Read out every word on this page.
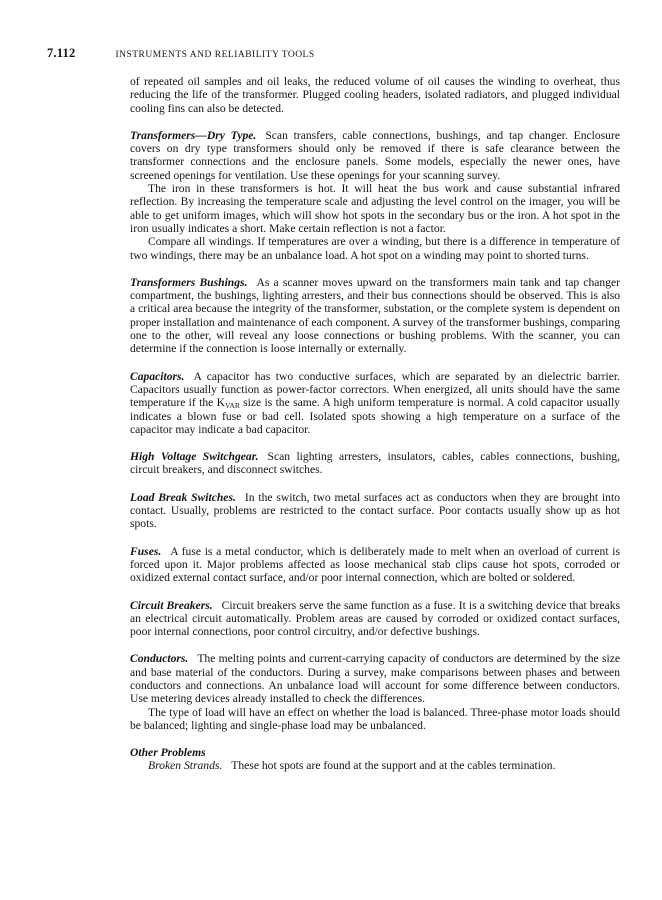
7.112	INSTRUMENTS AND RELIABILITY TOOLS

of repeated oil samples and oil leaks, the reduced volume of oil causes the winding to overheat, thus reducing the life of the transformer. Plugged cooling headers, isolated radiators, and plugged individual cooling fins can also be detected.

Transformers—Dry Type. Scan transfers, cable connections, bushings, and tap changer. Enclosure covers on dry type transformers should only be removed if there is safe clearance between the transformer connections and the enclosure panels. Some models, especially the newer ones, have screened openings for ventilation. Use these openings for your scanning survey.

The iron in these transformers is hot. It will heat the bus work and cause substantial infrared reflection. By increasing the temperature scale and adjusting the level control on the imager, you will be able to get uniform images, which will show hot spots in the secondary bus or the iron. A hot spot in the iron usually indicates a short. Make certain reflection is not a factor.

Compare all windings. If temperatures are over a winding, but there is a difference in temperature of two windings, there may be an unbalance load. A hot spot on a winding may point to shorted turns.

Transformers Bushings. As a scanner moves upward on the transformers main tank and tap changer compartment, the bushings, lighting arresters, and their bus connections should be observed. This is also a critical area because the integrity of the transformer, substation, or the complete system is dependent on proper installation and maintenance of each component. A survey of the transformer bushings, comparing one to the other, will reveal any loose connections or bushing problems. With the scanner, you can determine if the connection is loose internally or externally.

Capacitors. A capacitor has two conductive surfaces, which are separated by an dielectric barrier. Capacitors usually function as power-factor correctors. When energized, all units should have the same temperature if the $K_{VAR}$ size is the same. A high uniform temperature is normal. A cold capacitor usually indicates a blown fuse or bad cell. Isolated spots showing a high temperature on a surface of the capacitor may indicate a bad capacitor.

High Voltage Switchgear. Scan lighting arresters, insulators, cables, cables connections, bushing, circuit breakers, and disconnect switches.

Load Break Switches. In the switch, two metal surfaces act as conductors when they are brought into contact. Usually, problems are restricted to the contact surface. Poor contacts usually show up as hot spots.

Fuses. A fuse is a metal conductor, which is deliberately made to melt when an overload of current is forced upon it. Major problems affected as loose mechanical stab clips cause hot spots, corroded or oxidized external contact surface, and/or poor internal connection, which are bolted or soldered.

Circuit Breakers. Circuit breakers serve the same function as a fuse. It is a switching device that breaks an electrical circuit automatically. Problem areas are caused by corroded or oxidized contact surfaces, poor internal connections, poor control circuitry, and/or defective bushings.

Conductors. The melting points and current-carrying capacity of conductors are determined by the size and base material of the conductors. During a survey, make comparisons between phases and between conductors and connections. An unbalance load will account for some difference between conductors. Use metering devices already installed to check the differences.

The type of load will have an effect on whether the load is balanced. Three-phase motor loads should be balanced; lighting and single-phase load may be unbalanced.

Other Problems

Broken Strands. These hot spots are found at the support and at the cables termination.
